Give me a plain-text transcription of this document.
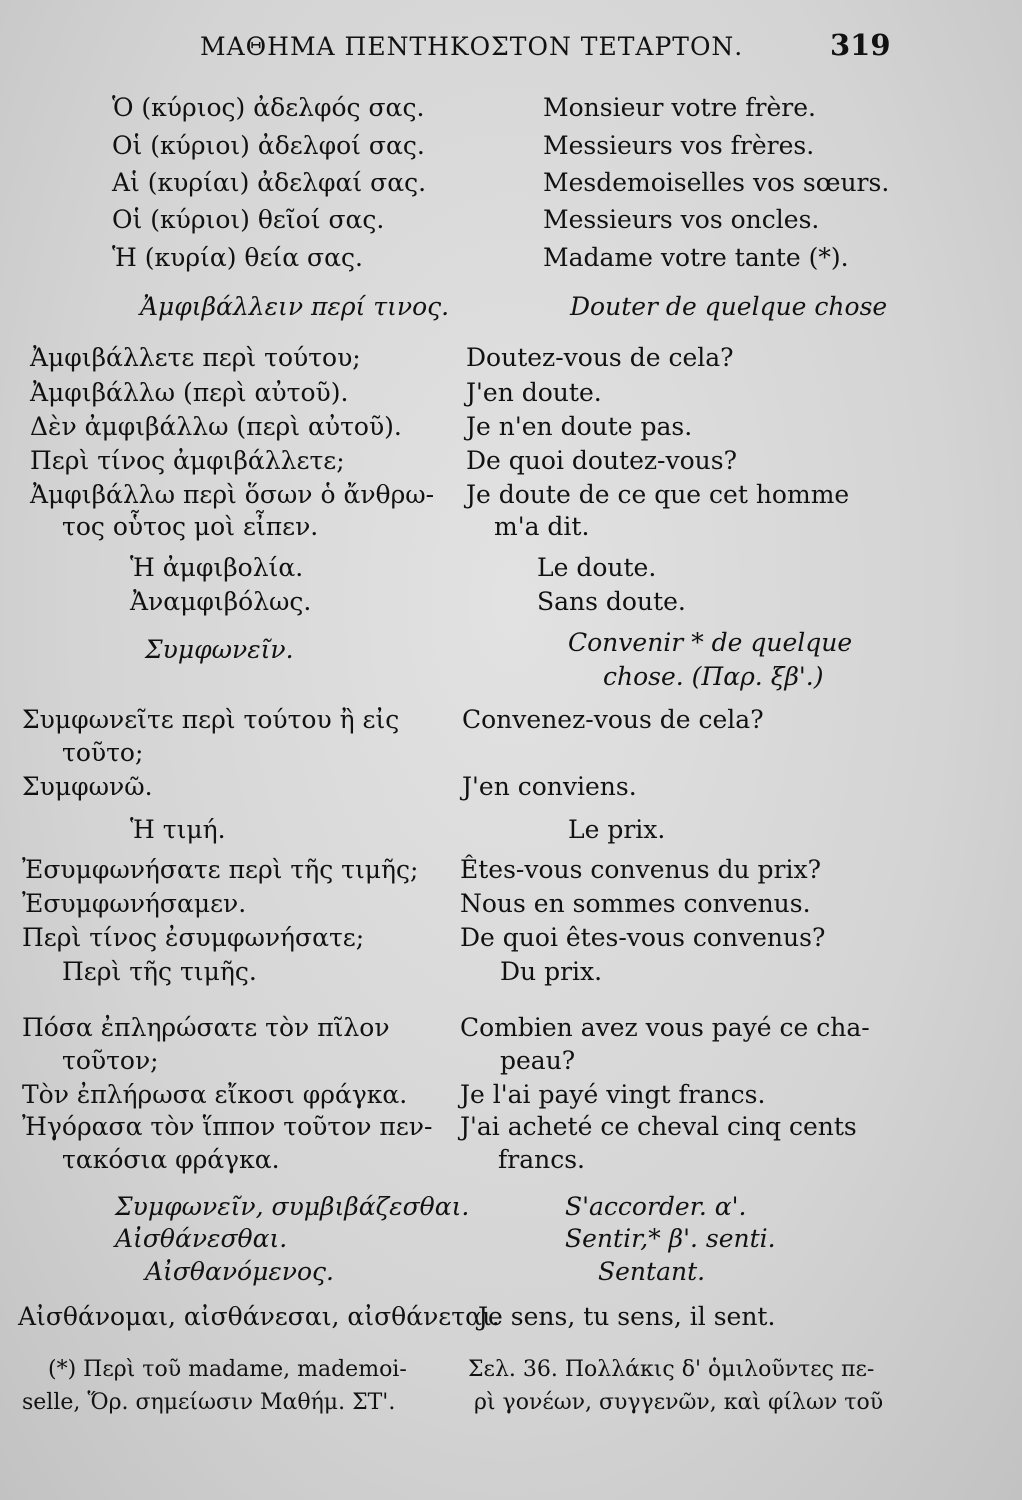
ΜΑΘΗΜΑ ΠΕΝΤΗΚΟΣΤΟΝ ΤΕΤΑΡΤΟΝ.	319
Ὁ (κύριος) ἀδελφός σας.
Οἱ (κύριοι) ἀδελφοί σας.
Αἱ (κυρίαι) ἀδελφαί σας.
Οἱ (κύριοι) θεῖοί σας.
Ἡ (κυρία) θεία σας.
Ἀμφιβάλλειν περί τινος.
Ἀμφιβάλλετε περὶ τούτου;
Ἀμφιβάλλω (περὶ αὐτοῦ).
Δὲν ἀμφιβάλλω (περὶ αὐτοῦ).
Περὶ τίνος ἀμφιβάλλετε;
Ἀμφιβάλλω περὶ ὅσων ὁ ἄνθρω-
τος οὗτος μοὶ εἶπεν.
Ἡ ἀμφιβολία.
Ἀναμφιβόλως.
Συμφωνεῖν.
Συμφωνεῖτε περὶ τούτου ἢ εἰς
τοῦτο;
Συμφωνῶ.
Ἡ τιμή.
Ἐσυμφωνήσατε περὶ τῆς τιμῆς;
Ἐσυμφωνήσαμεν.
Περὶ τίνος ἐσυμφωνήσατε;
Περὶ τῆς τιμῆς.
Πόσα ἐπληρώσατε τὸν πῖλον
τοῦτον;
Τὸν ἐπλήρωσα εἴκοσι φράγκα.
Ἠγόρασα τὸν ἵππον τοῦτον πεν-
τακόσια φράγκα.
Συμφωνεῖν, συμβιβάζεσθαι.
Αἰσθάνεσθαι.
Αἰσθανόμενος.
Αἰσθάνομαι, αἰσθάνεσαι, αἰσθάνεται.
Monsieur votre frère.
Messieurs vos frères.
Mesdemoiselles vos sœurs.
Messieurs vos oncles.
Madame votre tante (*).
Douter de quelque chose
Doutez-vous de cela?
J'en doute.
Je n'en doute pas.
De quoi doutez-vous?
Je doute de ce que cet homme
m'a dit.
Le doute.
Sans doute.
Convenir * de quelque
chose. (Παρ. ξβ'.)
Convenez-vous de cela?
J'en conviens.
Le prix.
Êtes-vous convenus du prix?
Nous en sommes convenus.
De quoi êtes-vous convenus?
Du prix.
Combien avez vous payé ce cha-
peau?
Je l'ai payé vingt francs.
J'ai acheté ce cheval cinq cents
francs.
S'accorder. α'.
Sentir,* β'. senti.
Sentant.
Je sens, tu sens, il sent.
(*) Περὶ τοῦ madame, mademoi-
selle, Ὅρ. σημείωσιν Μαθήμ. ΣΤ'.
Σελ. 36. Πολλάκις δ' ὁμιλοῦντες πε-
ρὶ γονέων, συγγενῶν, καὶ φίλων τοῦ
